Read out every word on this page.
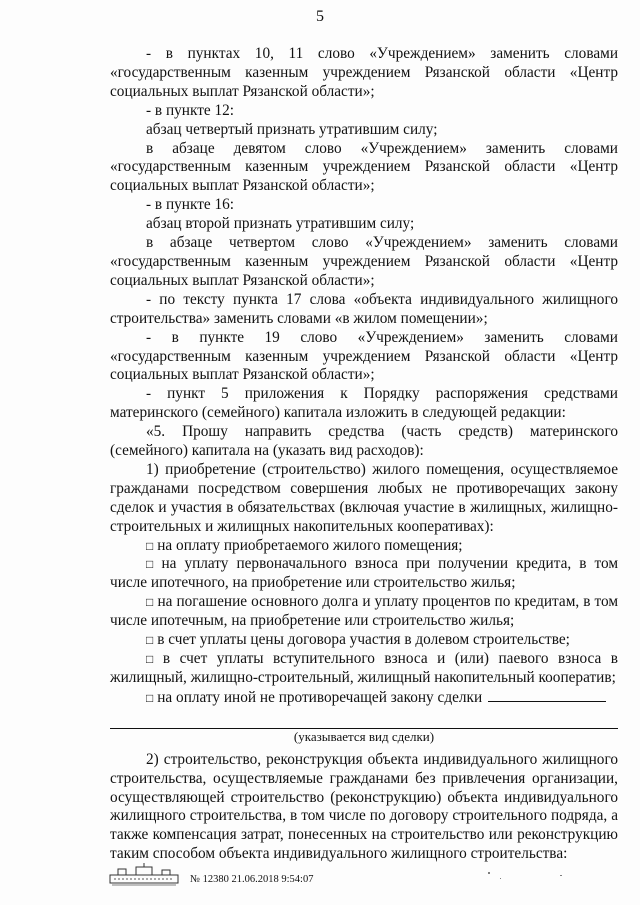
5

- в пунктах 10, 11 слово «Учреждением» заменить словами «государственным казенным учреждением Рязанской области «Центр социальных выплат Рязанской области»;

- в пункте 12:

абзац четвертый признать утратившим силу;

в абзаце девятом слово «Учреждением» заменить словами «государственным казенным учреждением Рязанской области «Центр социальных выплат Рязанской области»;

- в пункте 16:

абзац второй признать утратившим силу;

в абзаце четвертом слово «Учреждением» заменить словами «государственным казенным учреждением Рязанской области «Центр социальных выплат Рязанской области»;

- по тексту пункта 17 слова «объекта индивидуального жилищного строительства» заменить словами «в жилом помещении»;

- в пункте 19 слово «Учреждением» заменить словами «государственным казенным учреждением Рязанской области «Центр социальных выплат Рязанской области»;

- пункт 5 приложения к Порядку распоряжения средствами материнского (семейного) капитала изложить в следующей редакции:

«5. Прошу направить средства (часть средств) материнского (семейного) капитала на (указать вид расходов):

1) приобретение (строительство) жилого помещения, осуществляемое гражданами посредством совершения любых не противоречащих закону сделок и участия в обязательствах (включая участие в жилищных, жилищно-строительных и жилищных накопительных кооперативах):

□ на оплату приобретаемого жилого помещения;

□ на уплату первоначального взноса при получении кредита, в том числе ипотечного, на приобретение или строительство жилья;

□ на погашение основного долга и уплату процентов по кредитам, в том числе ипотечным, на приобретение или строительство жилья;

□ в счет уплаты цены договора участия в долевом строительстве;

□ в счет уплаты вступительного взноса и (или) паевого взноса в жилищный, жилищно-строительный, жилищный накопительный кооператив;

□ на оплату иной не противоречащей закону сделки

(указывается вид сделки)

2) строительство, реконструкция объекта индивидуального жилищного строительства, осуществляемые гражданами без привлечения организации, осуществляющей строительство (реконструкцию) объекта индивидуального жилищного строительства, в том числе по договору строительного подряда, а также компенсация затрат, понесенных на строительство или реконструкцию таким способом объекта индивидуального жилищного строительства:

№ 12380 21.06.2018 9:54:07
